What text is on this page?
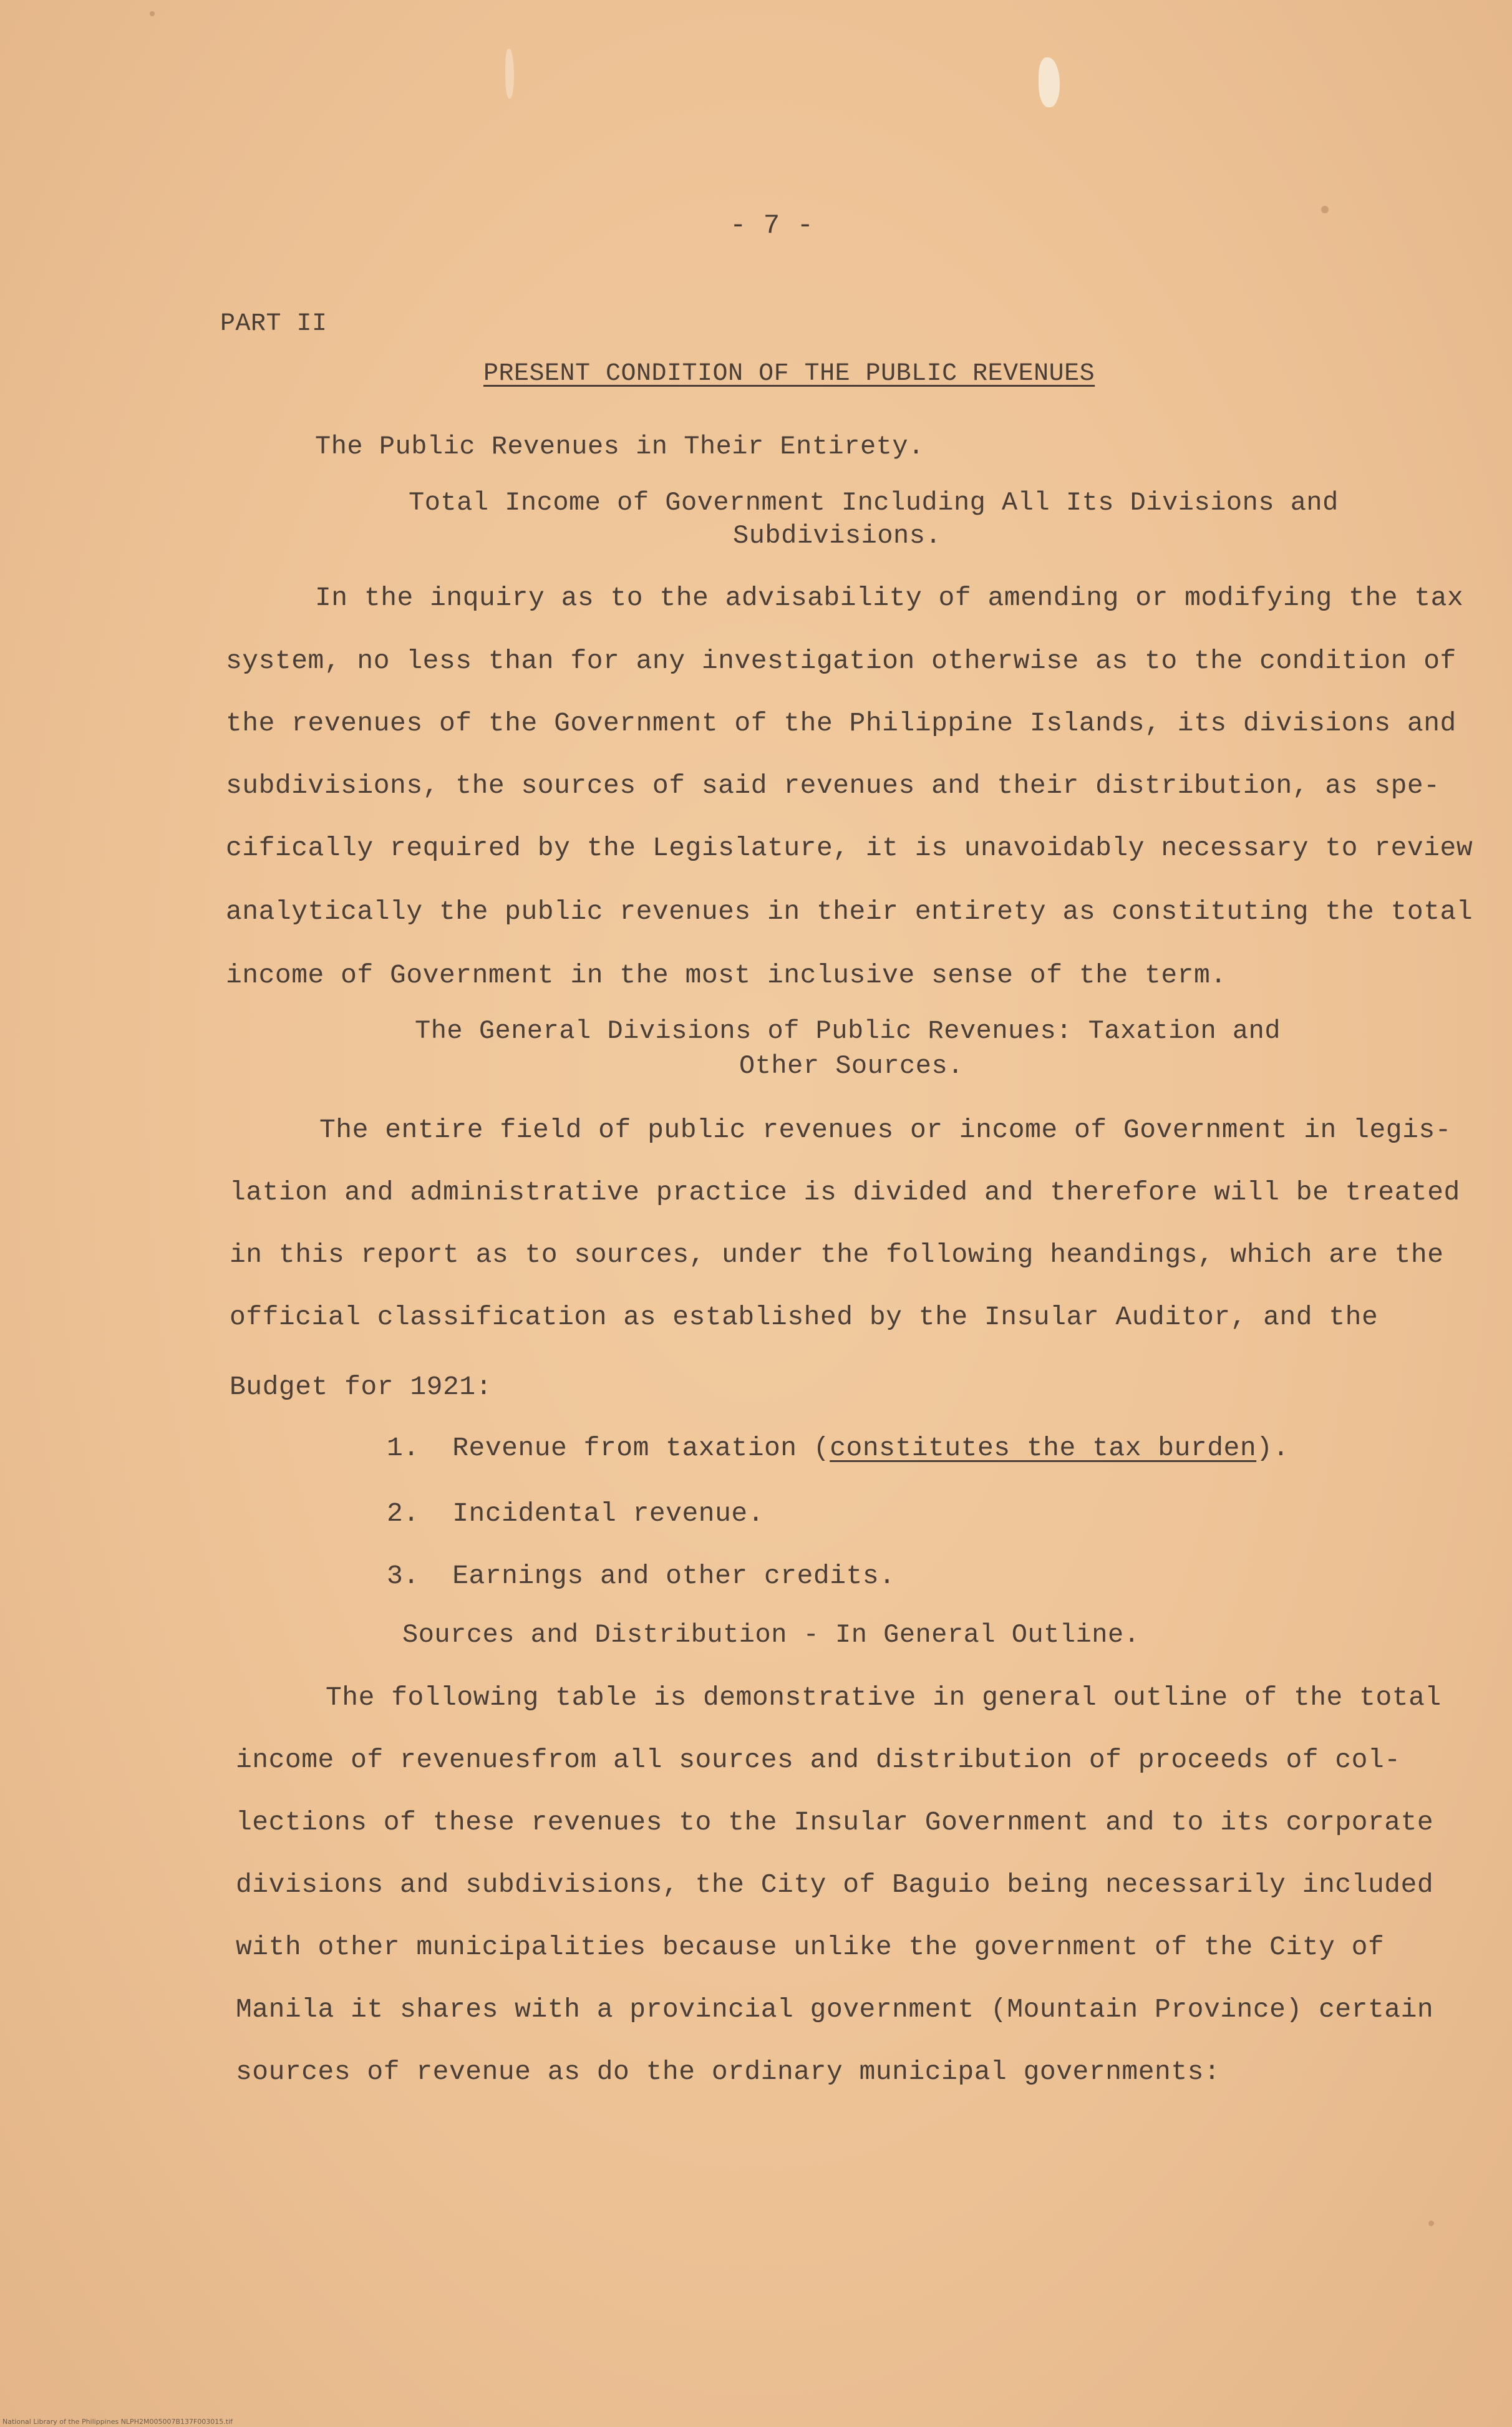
- 7 -
PART II
PRESENT CONDITION OF THE PUBLIC REVENUES
The Public Revenues in Their Entirety.
Total Income of Government Including All Its Divisions and
Subdivisions.
In the inquiry as to the advisability of amending or modifying the tax
system, no less than for any investigation otherwise as to the condition of
the revenues of the Government of the Philippine Islands, its divisions and
subdivisions, the sources of said revenues and their distribution, as spe-
cifically required by the Legislature, it is unavoidably necessary to review
analytically the public revenues in their entirety as constituting the total
income of Government in the most inclusive sense of the term.
The General Divisions of Public Revenues: Taxation and
Other Sources.
The entire field of public revenues or income of Government in legis-
lation and administrative practice is divided and therefore will be treated
in this report as to sources, under the following heandings, which are the
official classification as established by the Insular Auditor, and the
Budget for 1921:
1. Revenue from taxation (constitutes the tax burden).
2. Incidental revenue.
3. Earnings and other credits.
Sources and Distribution - In General Outline.
The following table is demonstrative in general outline of the total
income of revenuesfrom all sources and distribution of proceeds of col-
lections of these revenues to the Insular Government and to its corporate
divisions and subdivisions, the City of Baguio being necessarily included
with other municipalities because unlike the government of the City of
Manila it shares with a provincial government (Mountain Province) certain
sources of revenue as do the ordinary municipal governments:
National Library of the Philippines NLPH2M005007B137F003015.tif
